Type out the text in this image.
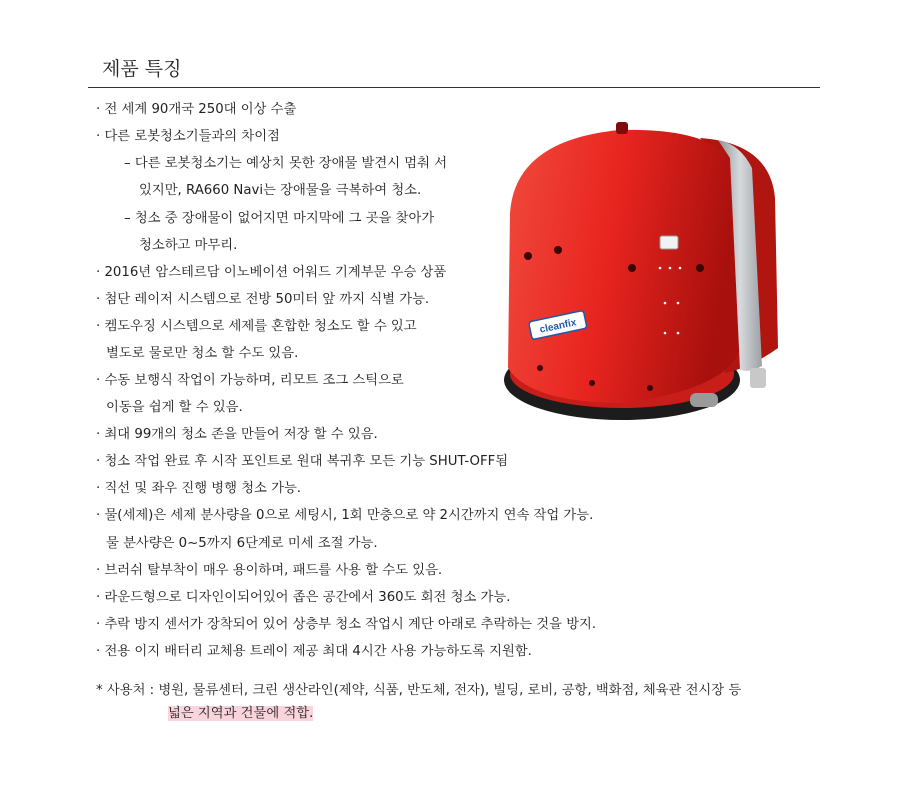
제품 특징
· 전 세계 90개국 250대 이상 수출
· 다른 로봇청소기들과의 차이점
– 다른 로봇청소기는 예상치 못한 장애물 발견시 멈춰 서
있지만, RA660 Navi는 장애물을 극복하여 청소.
– 청소 중 장애물이 없어지면 마지막에 그 곳을 찾아가
청소하고 마무리.
· 2016년 암스테르담 이노베이션 어워드 기계부문 우승 상품
· 첨단 레이저 시스템으로 전방 50미터 앞 까지 식별 가능.
· 켐도우징 시스템으로 세제를 혼합한 청소도 할 수 있고
별도로 물로만 청소 할 수도 있음.
· 수동 보행식 작업이 가능하며, 리모트 조그 스틱으로
이동을 쉽게 할 수 있음.
· 최대 99개의 청소 존을 만들어 저장 할 수 있음.
· 청소 작업 완료 후 시작 포인트로 원대 복귀후 모든 기능 SHUT-OFF됨
· 직선 및 좌우 진행 병행 청소 가능.
· 물(세제)은 세제 분사량을 0으로 세팅시, 1회 만충으로 약 2시간까지 연속 작업 가능.
물 분사량은 0~5까지 6단계로 미세 조절 가능.
· 브러쉬 탈부착이 매우 용이하며, 패드를 사용 할 수도 있음.
· 라운드형으로 디자인이되어있어 좁은 공간에서 360도 회전 청소 가능.
· 추락 방지 센서가 장착되어 있어 상층부 청소 작업시 계단 아래로 추락하는 것을 방지.
· 전용 이지 배터리 교체용 트레이 제공 최대 4시간 사용 가능하도록 지원함.
* 사용처 : 병원, 물류센터, 크린 생산라인(제약, 식품, 반도체, 전자), 빌딩, 로비, 공항, 백화점, 체육관 전시장 등
넓은 지역과 건물에 적합.
cleanfix
